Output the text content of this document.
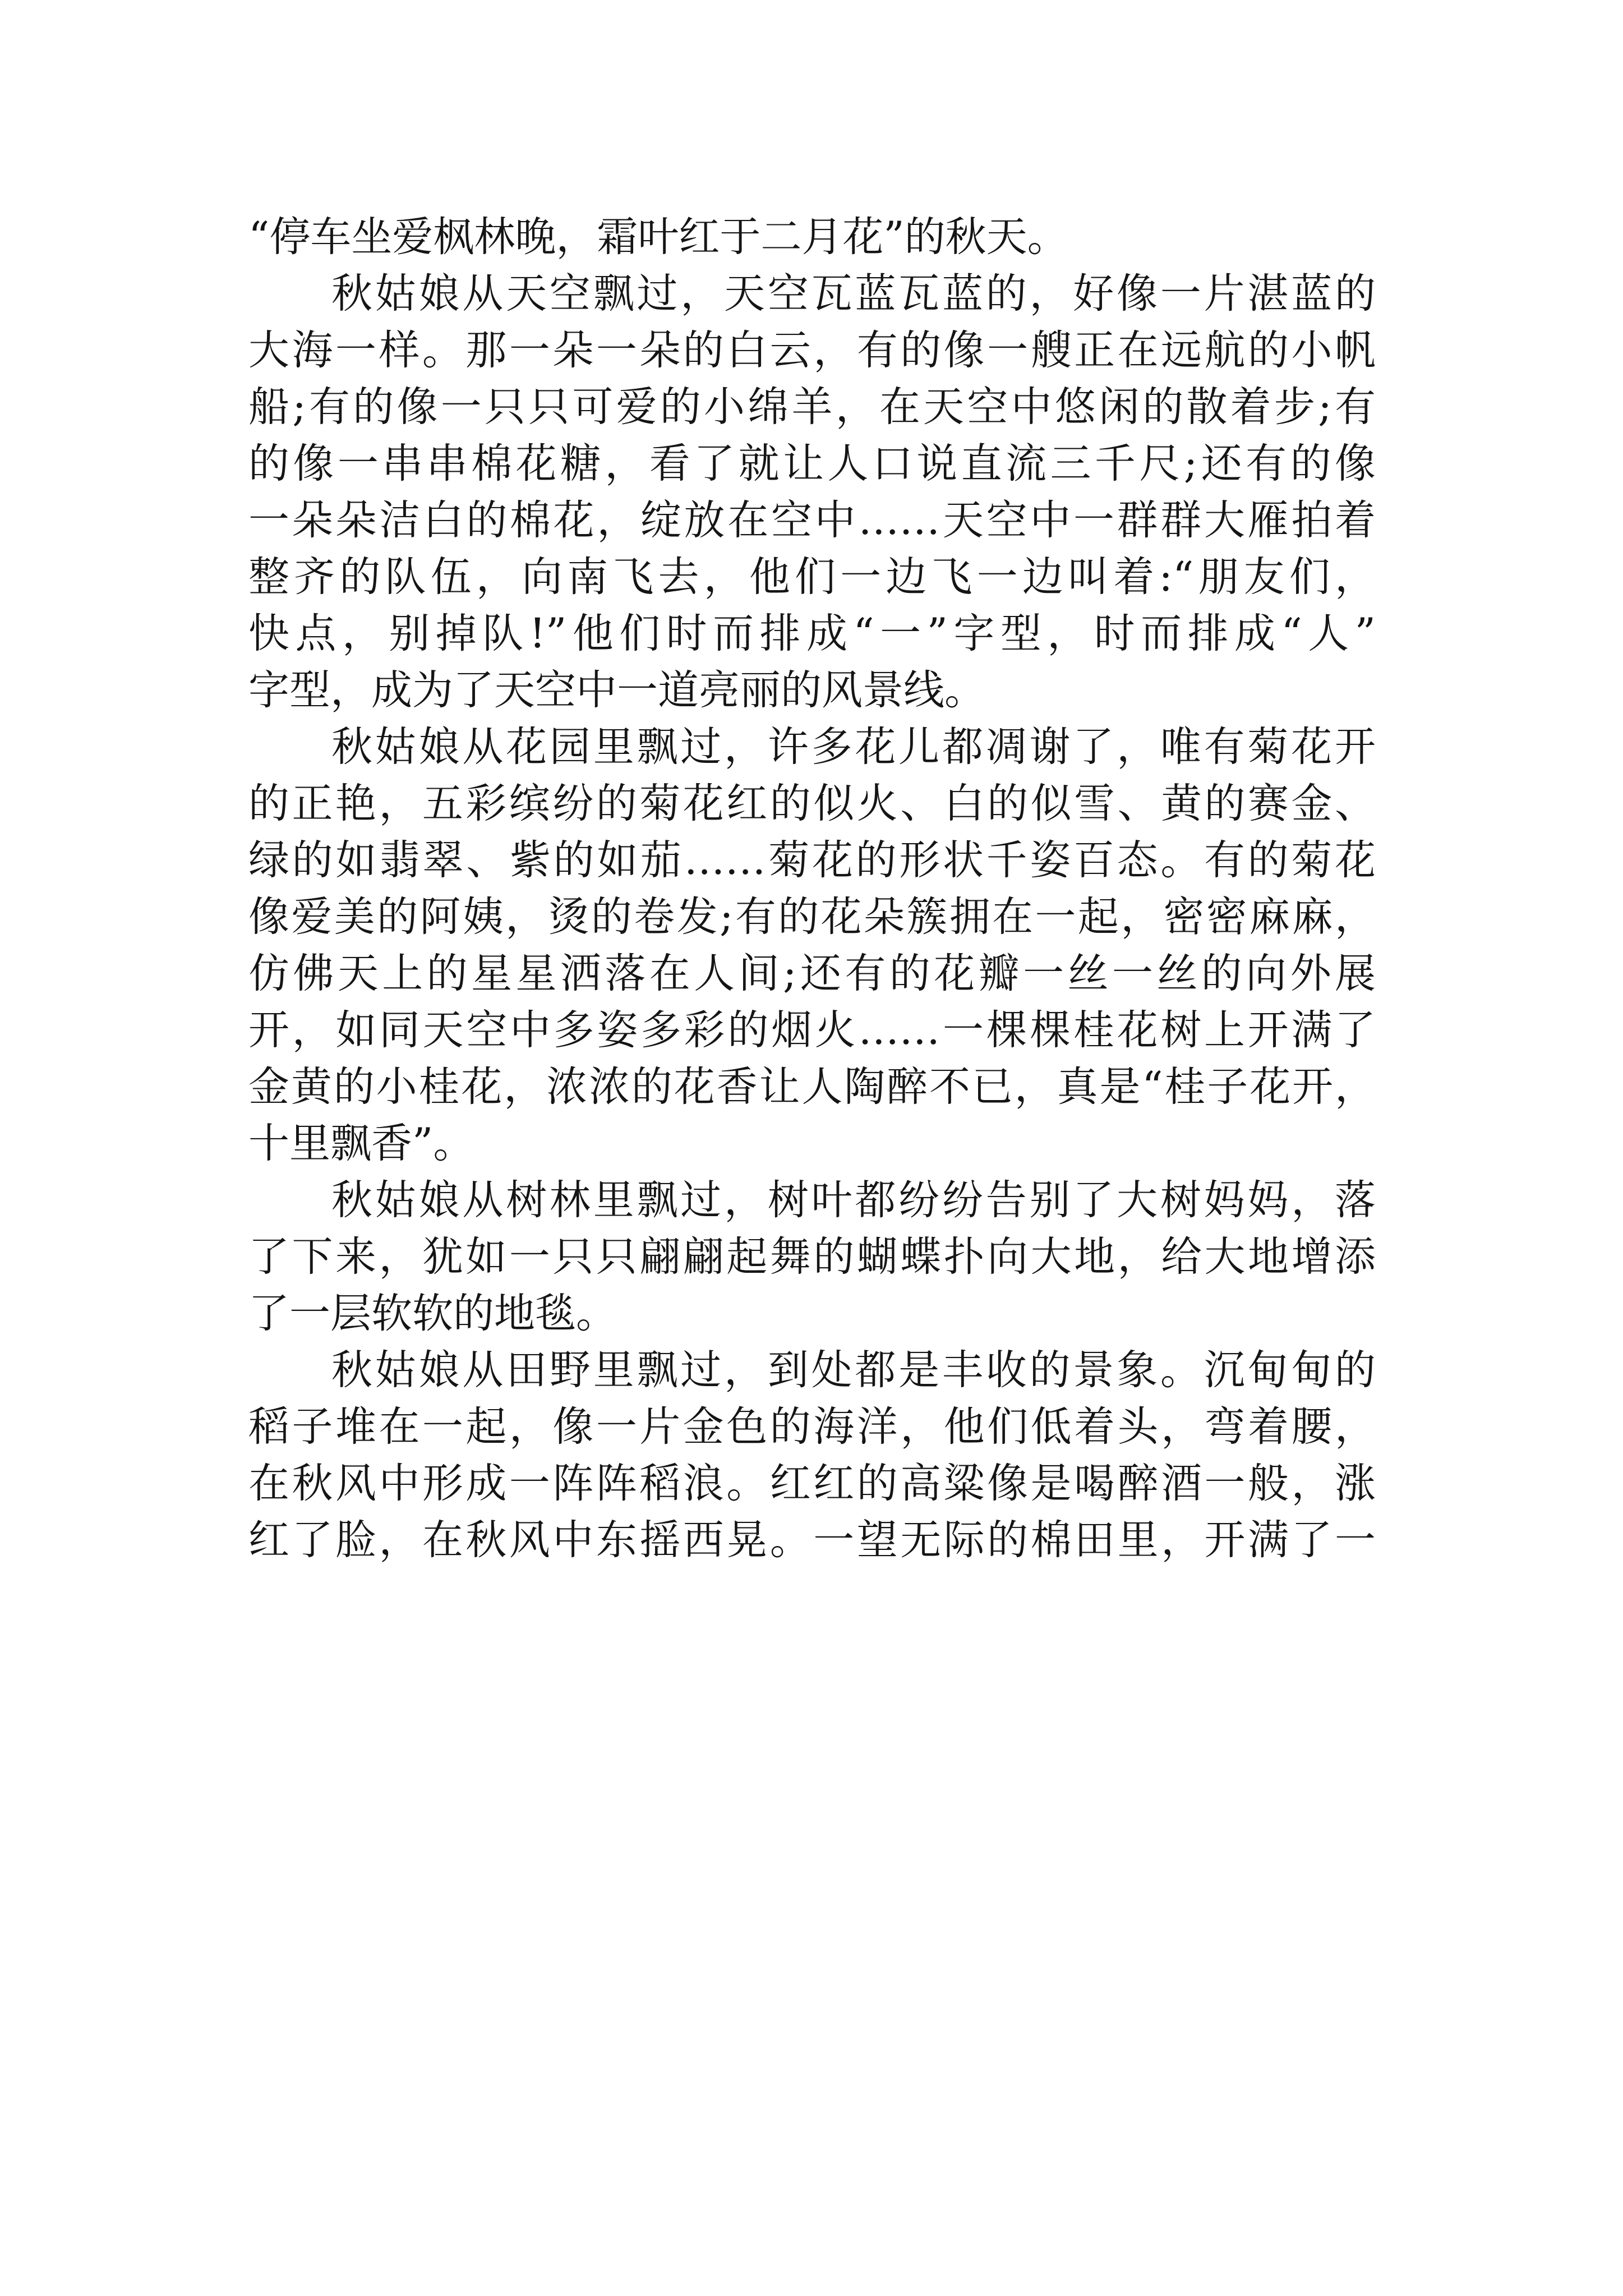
“停车坐爱枫林晚，霜叶红于二月花”的秋天。
秋姑娘从天空飘过，天空瓦蓝瓦蓝的，好像一片湛蓝的
大海一样。那一朵一朵的白云，有的像一艘正在远航的小帆
船;有的像一只只可爱的小绵羊，在天空中悠闲的散着步;有
的像一串串棉花糖，看了就让人口说直流三千尺;还有的像
一朵朵洁白的棉花，绽放在空中……天空中一群群大雁拍着
整齐的队伍，向南飞去，他们一边飞一边叫着:“朋友们，
快点，别掉队!”他们时而排成“一”字型，时而排成“人”
字型，成为了天空中一道亮丽的风景线。
秋姑娘从花园里飘过，许多花儿都凋谢了，唯有菊花开
的正艳，五彩缤纷的菊花红的似火、白的似雪、黄的赛金、
绿的如翡翠、紫的如茄……菊花的形状千姿百态。有的菊花
像爱美的阿姨，烫的卷发;有的花朵簇拥在一起，密密麻麻，
仿佛天上的星星洒落在人间;还有的花瓣一丝一丝的向外展
开，如同天空中多姿多彩的烟火……一棵棵桂花树上开满了
金黄的小桂花，浓浓的花香让人陶醉不已，真是“桂子花开，
十里飘香”。
秋姑娘从树林里飘过，树叶都纷纷告别了大树妈妈，落
了下来，犹如一只只翩翩起舞的蝴蝶扑向大地，给大地增添
了一层软软的地毯。
秋姑娘从田野里飘过，到处都是丰收的景象。沉甸甸的
稻子堆在一起，像一片金色的海洋，他们低着头，弯着腰，
在秋风中形成一阵阵稻浪。红红的高粱像是喝醉酒一般，涨
红了脸，在秋风中东摇西晃。一望无际的棉田里，开满了一
